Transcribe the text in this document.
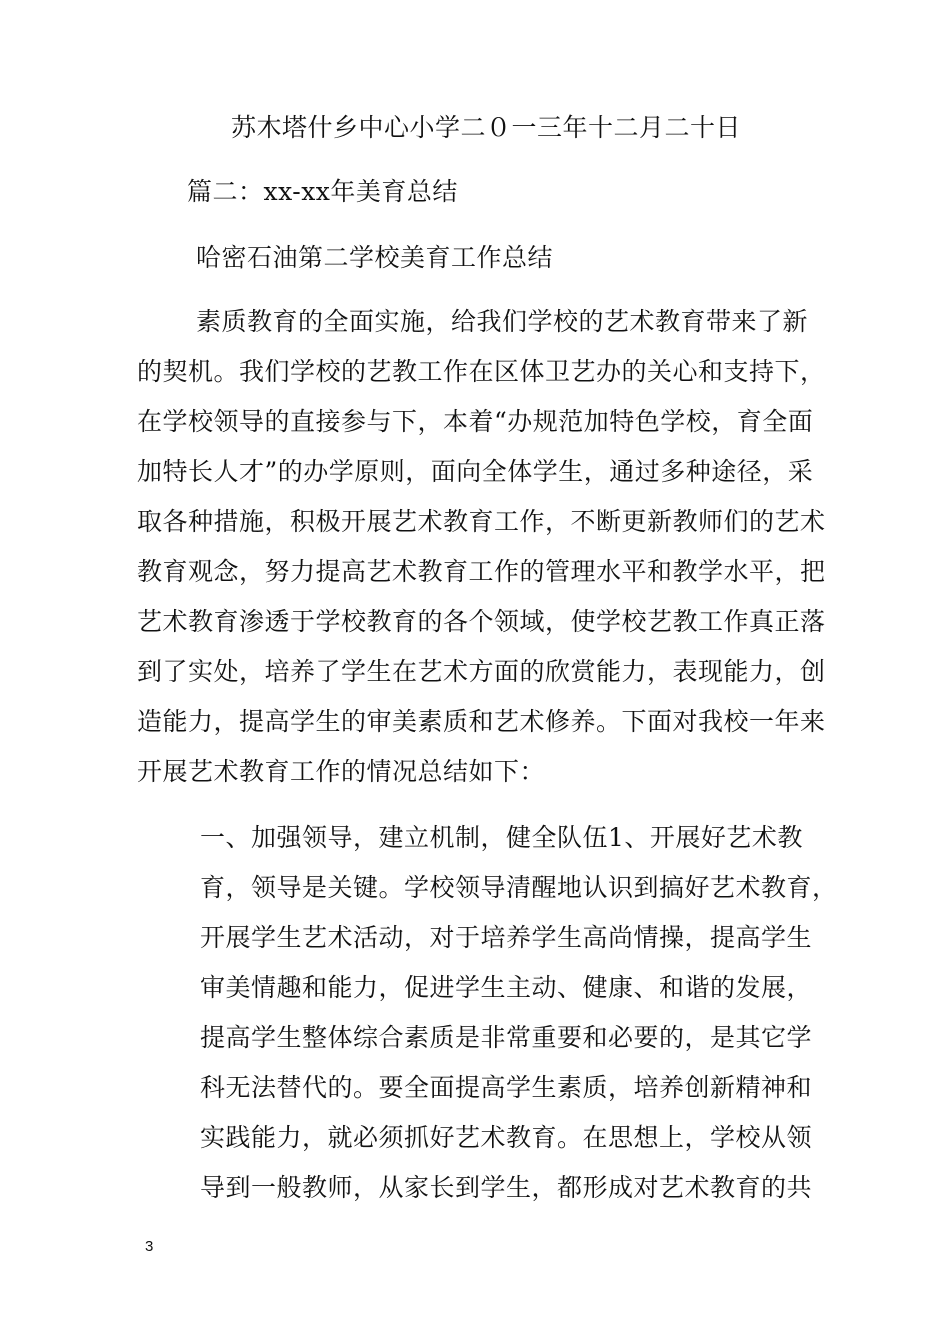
苏木塔什乡中心小学二０一三年十二月二十日
篇二：xx-xx年美育总结
哈密石油第二学校美育工作总结
素质教育的全面实施，给我们学校的艺术教育带来了新
的契机。我们学校的艺教工作在区体卫艺办的关心和支持下，
在学校领导的直接参与下，本着“办规范加特色学校，育全面
加特长人才”的办学原则，面向全体学生，通过多种途径，采
取各种措施，积极开展艺术教育工作，不断更新教师们的艺术
教育观念，努力提高艺术教育工作的管理水平和教学水平，把
艺术教育渗透于学校教育的各个领域，使学校艺教工作真正落
到了实处，培养了学生在艺术方面的欣赏能力，表现能力，创
造能力，提高学生的审美素质和艺术修养。下面对我校一年来
开展艺术教育工作的情况总结如下：
一、加强领导，建立机制，健全队伍1、开展好艺术教
育，领导是关键。学校领导清醒地认识到搞好艺术教育，
开展学生艺术活动，对于培养学生高尚情操，提高学生
审美情趣和能力，促进学生主动、健康、和谐的发展，
提高学生整体综合素质是非常重要和必要的，是其它学
科无法替代的。要全面提高学生素质，培养创新精神和
实践能力，就必须抓好艺术教育。在思想上，学校从领
导到一般教师，从家长到学生，都形成对艺术教育的共
3
